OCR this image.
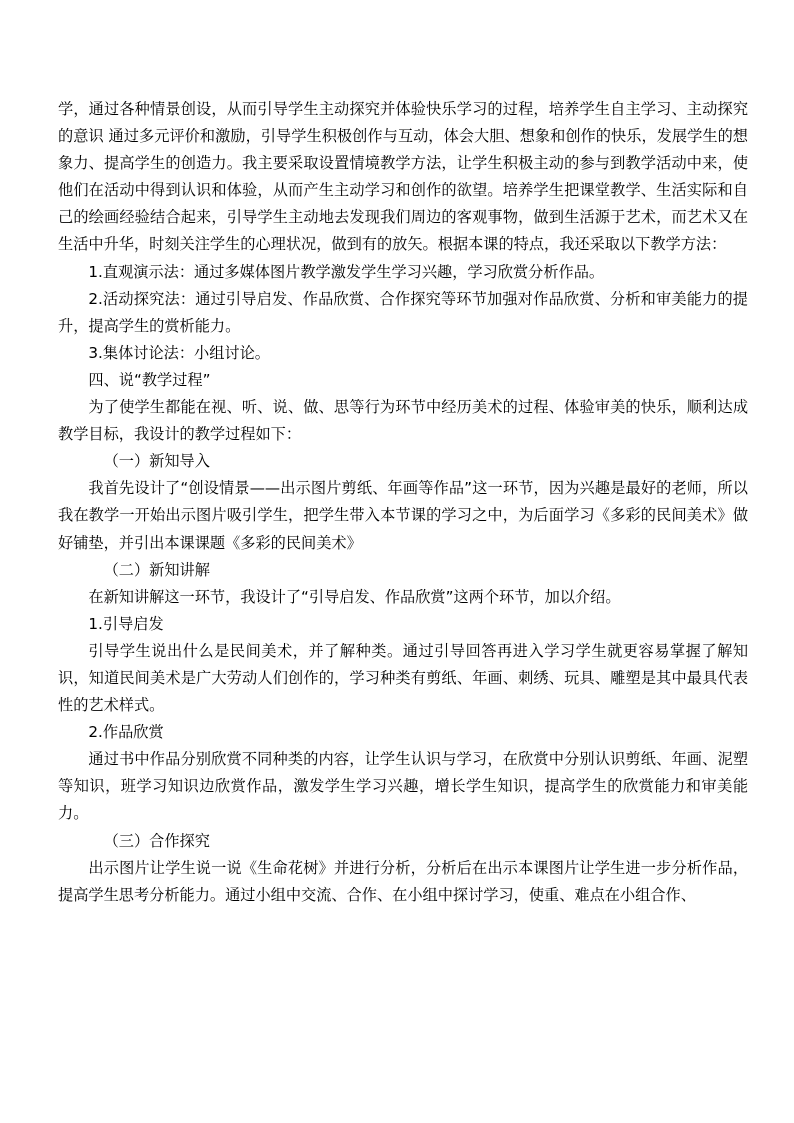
学，通过各种情景创设，从而引导学生主动探究并体验快乐学习的过程，培养学生自主学习、主动探究的意识 通过多元评价和激励，引导学生积极创作与互动，体会大胆、想象和创作的快乐，发展学生的想象力、提高学生的创造力。我主要采取设置情境教学方法，让学生积极主动的参与到教学活动中来，使他们在活动中得到认识和体验，从而产生主动学习和创作的欲望。培养学生把课堂教学、生活实际和自己的绘画经验结合起来，引导学生主动地去发现我们周边的客观事物，做到生活源于艺术，而艺术又在生活中升华，时刻关注学生的心理状况，做到有的放矢。根据本课的特点，我还采取以下教学方法：

1.直观演示法：通过多媒体图片教学激发学生学习兴趣，学习欣赏分析作品。

2.活动探究法：通过引导启发、作品欣赏、合作探究等环节加强对作品欣赏、分析和审美能力的提升，提高学生的赏析能力。

3.集体讨论法：小组讨论。

四、说“教学过程”

为了使学生都能在视、听、说、做、思等行为环节中经历美术的过程、体验审美的快乐，顺利达成教学目标，我设计的教学过程如下：

（一）新知导入

我首先设计了“创设情景——出示图片剪纸、年画等作品”这一环节，因为兴趣是最好的老师，所以我在教学一开始出示图片吸引学生，把学生带入本节课的学习之中，为后面学习《多彩的民间美术》做好铺垫，并引出本课课题《多彩的民间美术》

（二）新知讲解

在新知讲解这一环节，我设计了“引导启发、作品欣赏”这两个环节，加以介绍。

1.引导启发

引导学生说出什么是民间美术，并了解种类。通过引导回答再进入学习学生就更容易掌握了解知识，知道民间美术是广大劳动人们创作的，学习种类有剪纸、年画、刺绣、玩具、雕塑是其中最具代表性的艺术样式。

2.作品欣赏

通过书中作品分别欣赏不同种类的内容，让学生认识与学习，在欣赏中分别认识剪纸、年画、泥塑等知识，班学习知识边欣赏作品，激发学生学习兴趣，增长学生知识，提高学生的欣赏能力和审美能力。

（三）合作探究

出示图片让学生说一说《生命花树》并进行分析，分析后在出示本课图片让学生进一步分析作品，提高学生思考分析能力。通过小组中交流、合作、在小组中探讨学习，使重、难点在小组合作、
